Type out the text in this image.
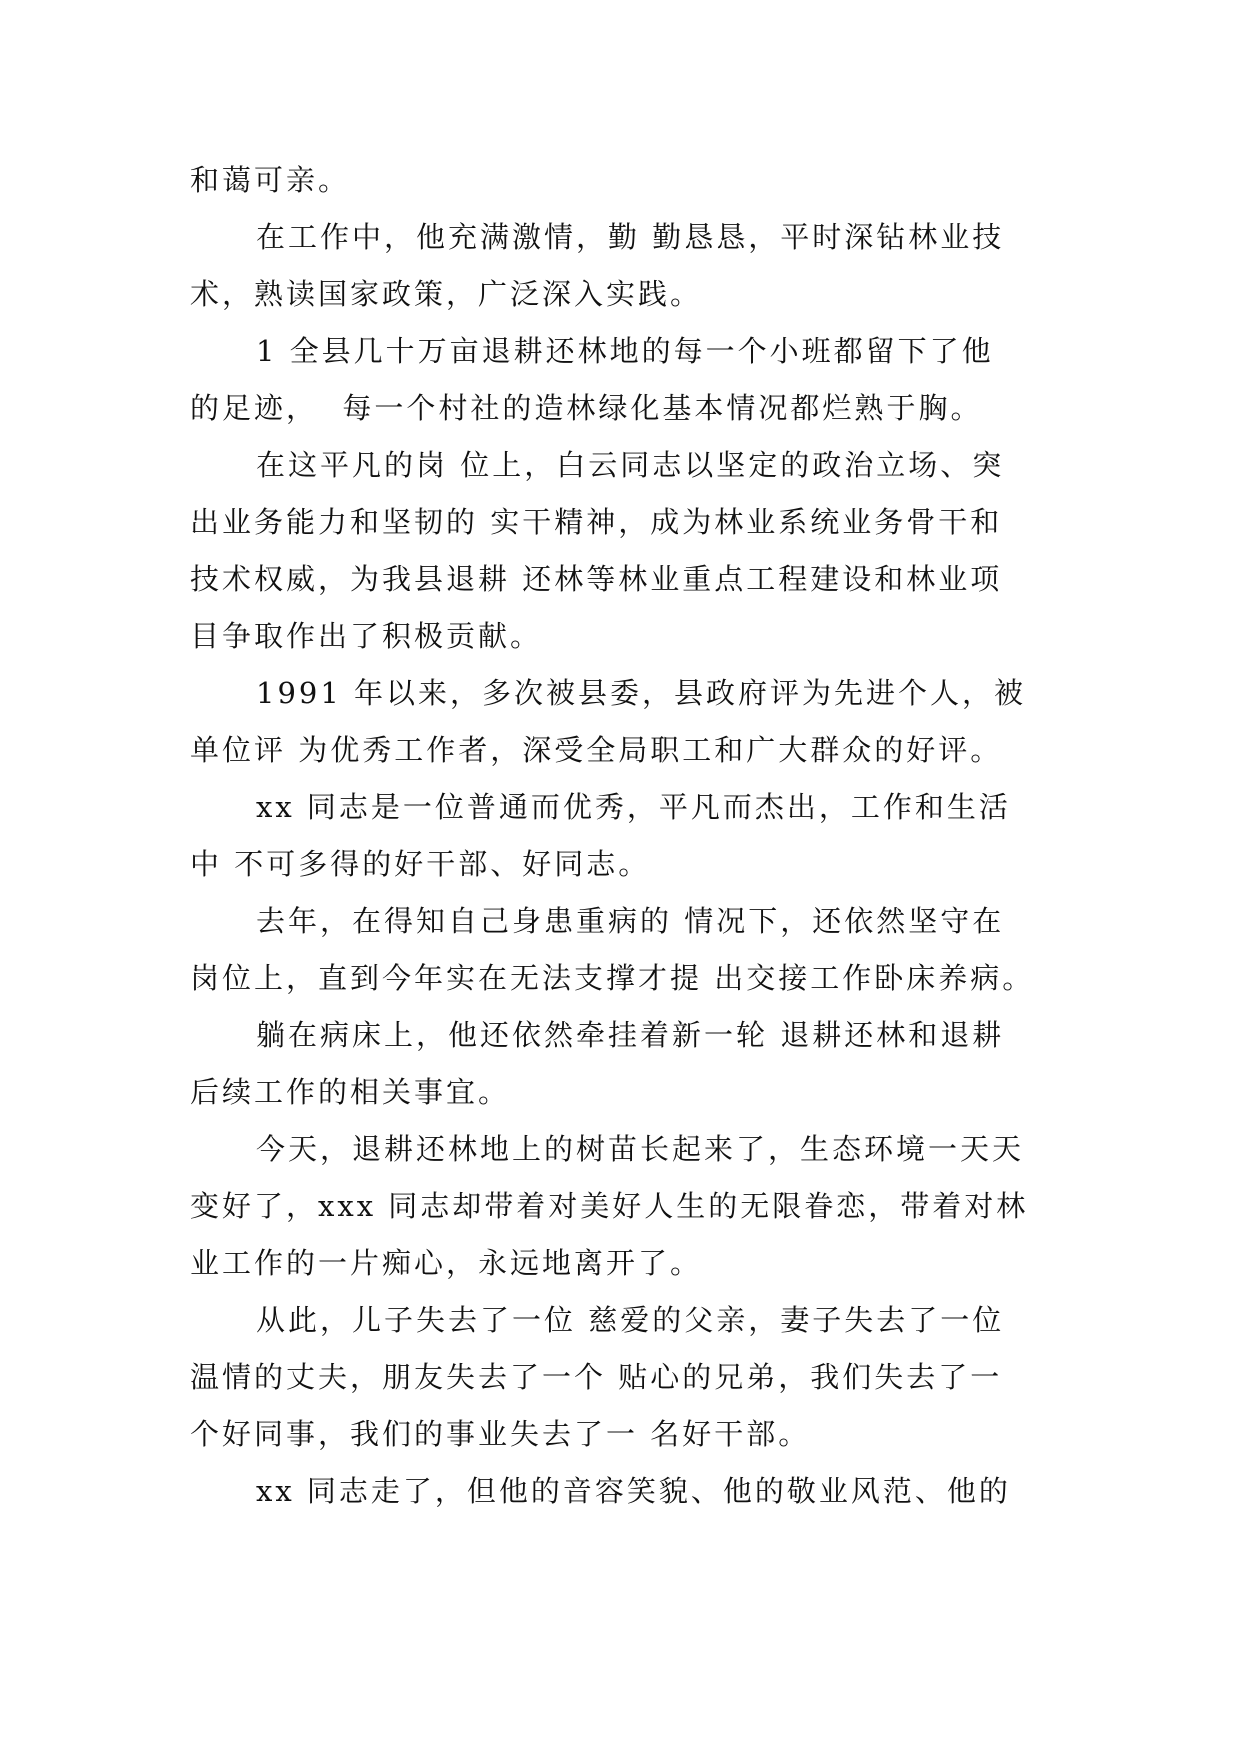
和蔼可亲。
在工作中，他充满激情，勤 勤恳恳，平时深钻林业技
术，熟读国家政策，广泛深入实践。
1 全县几十万亩退耕还林地的每一个小班都留下了他
的足迹，  每一个村社的造林绿化基本情况都烂熟于胸。
在这平凡的岗 位上，白云同志以坚定的政治立场、突
出业务能力和坚韧的 实干精神，成为林业系统业务骨干和
技术权威，为我县退耕 还林等林业重点工程建设和林业项
目争取作出了积极贡献。
1991 年以来，多次被县委，县政府评为先进个人，被
单位评 为优秀工作者，深受全局职工和广大群众的好评。
xx 同志是一位普通而优秀，平凡而杰出，工作和生活
中 不可多得的好干部、好同志。
去年，在得知自己身患重病的 情况下，还依然坚守在
岗位上，直到今年实在无法支撑才提 出交接工作卧床养病。
躺在病床上，他还依然牵挂着新一轮 退耕还林和退耕
后续工作的相关事宜。
今天，退耕还林地上的树苗长起来了，生态环境一天天
变好了，xxx 同志却带着对美好人生的无限眷恋，带着对林
业工作的一片痴心，永远地离开了。
从此，儿子失去了一位 慈爱的父亲，妻子失去了一位
温情的丈夫，朋友失去了一个 贴心的兄弟，我们失去了一
个好同事，我们的事业失去了一 名好干部。
xx 同志走了，但他的音容笑貌、他的敬业风范、他的
